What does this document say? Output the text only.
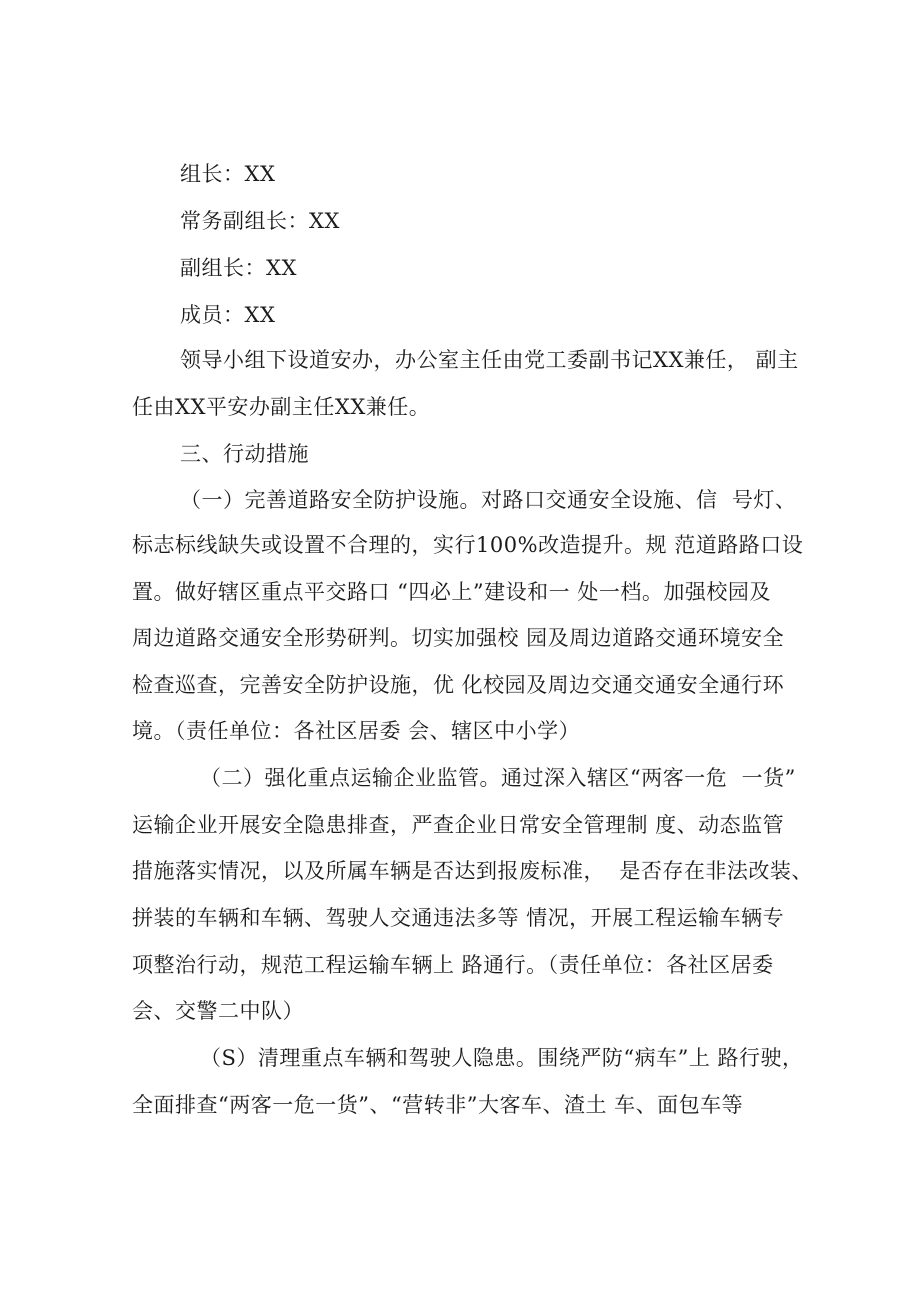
组长：XX
常务副组长：XX
副组长：XX
成员：XX
领导小组下设道安办，办公室主任由党工委副书记XX兼任， 副主
任由XX平安办副主任XX兼任。
三、行动措施
（一）完善道路安全防护设施。对路口交通安全设施、信  号灯、
标志标线缺失或设置不合理的，实行100%改造提升。规 范道路路口设
置。做好辖区重点平交路口 “四必上”建设和一 处一档。加强校园及
周边道路交通安全形势研判。切实加强校 园及周边道路交通环境安全
检查巡查，完善安全防护设施，优 化校园及周边交通交通安全通行环
境。（责任单位：各社区居委 会、辖区中小学）
（二）强化重点运输企业监管。通过深入辖区“两客一危  一货”
运输企业开展安全隐患排查，严查企业日常安全管理制 度、动态监管
措施落实情况，以及所属车辆是否达到报废标准，  是否存在非法改装、
拼装的车辆和车辆、驾驶人交通违法多等 情况，开展工程运输车辆专
项整治行动，规范工程运输车辆上 路通行。（责任单位：各社区居委
会、交警二中队）
（S）清理重点车辆和驾驶人隐患。围绕严防“病车”上 路行驶，
全面排查“两客一危一货”、“营转非”大客车、渣土 车、面包车等
